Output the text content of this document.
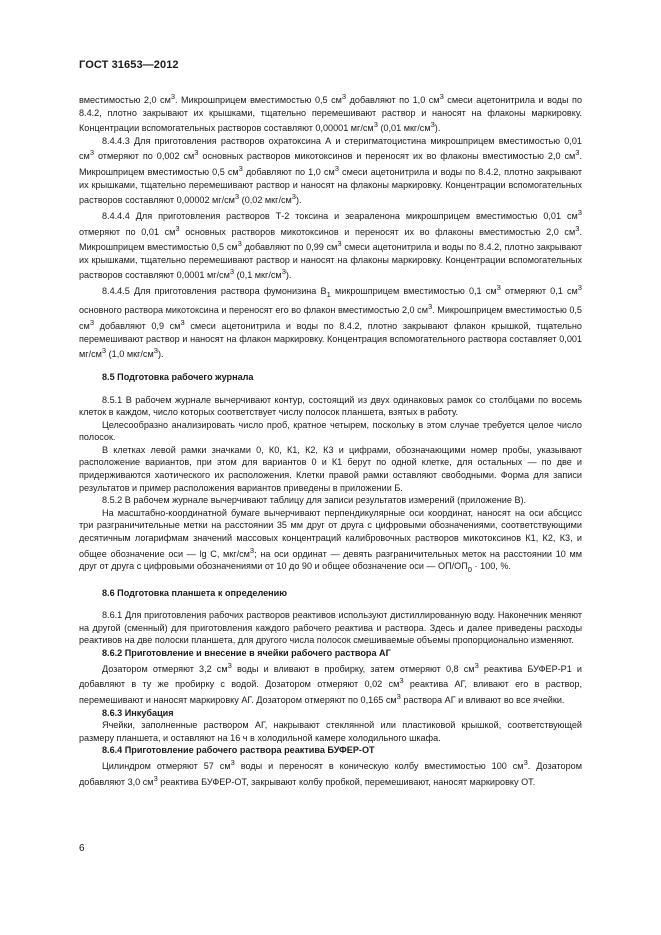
ГОСТ 31653—2012

вместимостью 2,0 $см^3$. Микрошприцем вместимостью 0,5 $см^3$ добавляют по 1,0 $см^3$ смеси ацетонитрила и воды по 8.4.2, плотно закрывают их крышками, тщательно перемешивают раствор и наносят на флаконы маркировку. Концентрации вспомогательных растворов составляют 0,00001 $мг/см^3$ (0,01 мкг/$см^3$).

8.4.4.3 Для приготовления растворов охратоксина А и стеригматоцистина микрошприцем вместимостью 0,01 $см^3$ отмеряют по 0,002 $см^3$ основных растворов микотоксинов и переносят их во флаконы вместимостью 2,0 $см^3$. Микрошприцем вместимостью 0,5 $см^3$ добавляют по 1,0 $см^3$ смеси ацетонитрила и воды по 8.4.2, плотно закрывают их крышками, тщательно перемешивают раствор и наносят на флаконы маркировку. Концентрации вспомогательных растворов составляют 0,00002 $мг/см^3$ (0,02 мкг/$см^3$).

8.4.4.4 Для приготовления растворов Т-2 токсина и зеараленона микрошприцем вместимостью 0,01 $см^3$ отмеряют по 0,01 $см^3$ основных растворов микотоксинов и переносят их во флаконы вместимостью 2,0 $см^3$. Микрошприцем вместимостью 0,5 $см^3$ добавляют по 0,99 $см^3$ смеси ацетонитрила и воды по 8.4.2, плотно закрывают их крышками, тщательно перемешивают раствор и наносят на флаконы маркировку. Концентрации вспомогательных растворов составляют 0,0001 $мг/см^3$ (0,1 мкг/$см^3$).

8.4.4.5 Для приготовления раствора фумонизина $В_1$ микрошприцем вместимостью 0,1 $см^3$ отмеряют 0,1 $см^3$ основного раствора микотоксина и переносят его во флакон вместимостью 2,0 $см^3$. Микрошприцем вместимостью 0,5 $см^3$ добавляют 0,9 $см^3$ смеси ацетонитрила и воды по 8.4.2, плотно закрывают флакон крышкой, тщательно перемешивают раствор и наносят на флакон маркировку. Концентрация вспомогательного раствора составляет 0,001 $мг/см^3$ (1,0 мкг/$см^3$).

8.5 Подготовка рабочего журнала

8.5.1 В рабочем журнале вычерчивают контур, состоящий из двух одинаковых рамок со столбцами по восемь клеток в каждом, число которых соответствует числу полосок планшета, взятых в работу.

Целесообразно анализировать число проб, кратное четырем, поскольку в этом случае требуется целое число полосок.

В клетках левой рамки значками 0, К0, К1, К2, К3 и цифрами, обозначающими номер пробы, указывают расположение вариантов, при этом для вариантов 0 и К1 берут по одной клетке, для остальных — по две и придерживаются хаотического их расположения. Клетки правой рамки оставляют свободными. Форма для записи результатов и пример расположения вариантов приведены в приложении Б.

8.5.2 В рабочем журнале вычерчивают таблицу для записи результатов измерений (приложение В).

На масштабно-координатной бумаге вычерчивают перпендикулярные оси координат, наносят на оси абсцисс три разграничительные метки на расстоянии 35 мм друг от друга с цифровыми обозначениями, соответствующими десятичным логарифмам значений массовых концентраций калибровочных растворов микотоксинов К1, К2, К3, и общее обозначение оси — lg C, мкг/$см^3$; на оси ординат — девять разграничительных меток на расстоянии 10 мм друг от друга с цифровыми обозначениями от 10 до 90 и общее обозначение оси — $ОП/ОП_0 \cdot 100$, %.

8.6 Подготовка планшета к определению

8.6.1 Для приготовления рабочих растворов реактивов используют дистиллированную воду. Наконечник меняют на другой (сменный) для приготовления каждого рабочего реактива и раствора. Здесь и далее приведены расходы реактивов на две полоски планшета, для другого числа полосок смешиваемые объемы пропорционально изменяют.

8.6.2 Приготовление и внесение в ячейки рабочего раствора АГ

Дозатором отмеряют 3,2 $см^3$ воды и вливают в пробирку, затем отмеряют 0,8 $см^3$ реактива БУФЕР-Р1 и добавляют в ту же пробирку с водой. Дозатором отмеряют 0,02 $см^3$ реактива АГ, вливают его в раствор, перемешивают и наносят маркировку АГ. Дозатором отмеряют по 0,165 $см^3$ раствора АГ и вливают во все ячейки.

8.6.3 Инкубация

Ячейки, заполненные раствором АГ, накрывают стеклянной или пластиковой крышкой, соответствующей размеру планшета, и оставляют на 16 ч в холодильной камере холодильного шкафа.

8.6.4 Приготовление рабочего раствора реактива БУФЕР-ОТ

Цилиндром отмеряют 57 $см^3$ воды и переносят в коническую колбу вместимостью 100 $см^3$. Дозатором добавляют 3,0 $см^3$ реактива БУФЕР-ОТ, закрывают колбу пробкой, перемешивают, наносят маркировку ОТ.

6
